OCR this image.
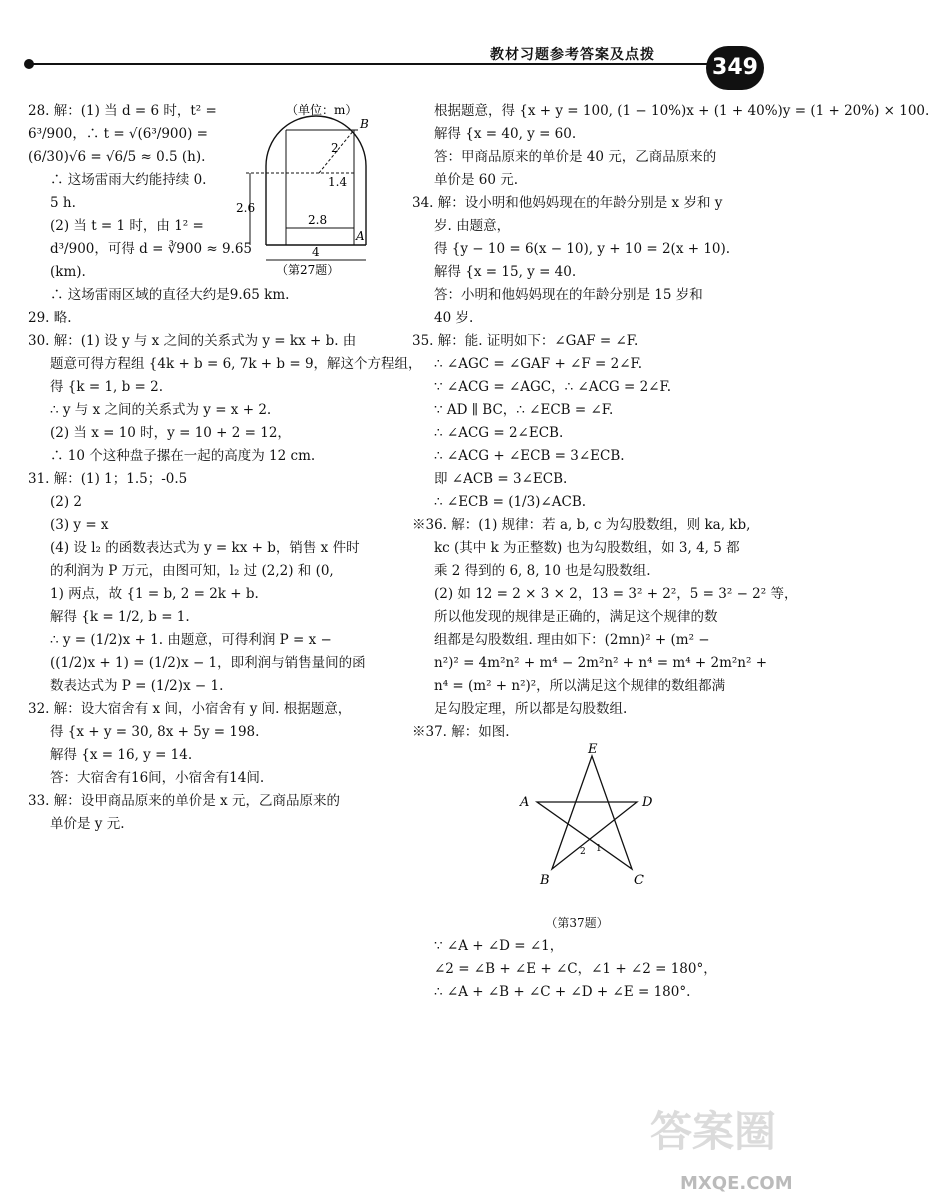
教材习题参考答案及点拨	349
28. 解：(1) 当 d = 6 时，t² =
6³/900，∴ t = √(6³/900) =
(6/30)√6 = √6/5 ≈ 0.5 (h).
∴ 这场雷雨大约能持续 0.
5 h.
(2) 当 t = 1 时，由 1² =
d³/900，可得 d = ∛900 ≈ 9.65
(km).
∴ 这场雷雨区域的直径大约是9.65 km.
29. 略.
30. 解：(1) 设 y 与 x 之间的关系式为 y = kx + b. 由
题意可得方程组 {4k + b = 6, 7k + b = 9，解这个方程组，
得 {k = 1, b = 2.
∴ y 与 x 之间的关系式为 y = x + 2.
(2) 当 x = 10 时，y = 10 + 2 = 12，
∴ 10 个这种盘子摞在一起的高度为 12 cm.
31. 解：(1) 1；1.5；-0.5
(2) 2
(3) y = x
(4) 设 l₂ 的函数表达式为 y = kx + b，销售 x 件时
的利润为 P 万元，由图可知，l₂ 过 (2,2) 和 (0,
1) 两点，故 {1 = b, 2 = 2k + b.
解得 {k = 1/2, b = 1.
∴ y = (1/2)x + 1. 由题意，可得利润 P = x −
((1/2)x + 1) = (1/2)x − 1，即利润与销售量间的函
数表达式为 P = (1/2)x − 1.
32. 解：设大宿舍有 x 间，小宿舍有 y 间. 根据题意，
得 {x + y = 30, 8x + 5y = 198.
解得 {x = 16, y = 14.
答：大宿舍有16间，小宿舍有14间.
33. 解：设甲商品原来的单价是 x 元，乙商品原来的
单价是 y 元.
（单位：m）
B
2
1.4
2.6
2.8
A
4
（第27题）
根据题意，得 {x + y = 100, (1 − 10%)x + (1 + 40%)y = (1 + 20%) × 100.
解得 {x = 40, y = 60.
答：甲商品原来的单价是 40 元，乙商品原来的
单价是 60 元.
34. 解：设小明和他妈妈现在的年龄分别是 x 岁和 y
岁. 由题意，
得 {y − 10 = 6(x − 10), y + 10 = 2(x + 10).
解得 {x = 15, y = 40.
答：小明和他妈妈现在的年龄分别是 15 岁和
40 岁.
35. 解：能. 证明如下：∠GAF = ∠F.
∴ ∠AGC = ∠GAF + ∠F = 2∠F.
∵ ∠ACG = ∠AGC，∴ ∠ACG = 2∠F.
∵ AD ∥ BC，∴ ∠ECB = ∠F.
∴ ∠ACG = 2∠ECB.
∴ ∠ACG + ∠ECB = 3∠ECB.
即 ∠ACB = 3∠ECB.
∴ ∠ECB = (1/3)∠ACB.
※36. 解：(1) 规律：若 a, b, c 为勾股数组，则 ka, kb,
kc (其中 k 为正整数) 也为勾股数组，如 3, 4, 5 都
乘 2 得到的 6, 8, 10 也是勾股数组.
(2) 如 12 = 2 × 3 × 2，13 = 3² + 2²，5 = 3² − 2² 等，
所以他发现的规律是正确的，满足这个规律的数
组都是勾股数组. 理由如下：(2mn)² + (m² −
n²)² = 4m²n² + m⁴ − 2m²n² + n⁴ = m⁴ + 2m²n² +
n⁴ = (m² + n²)²，所以满足这个规律的数组都满
足勾股定理，所以都是勾股数组.
※37. 解：如图.
E
A	D
B	C
1
2
（第37题）
∵ ∠A + ∠D = ∠1，
∠2 = ∠B + ∠E + ∠C，∠1 + ∠2 = 180°，
∴ ∠A + ∠B + ∠C + ∠D + ∠E = 180°.
答案圈
MXQE.COM
